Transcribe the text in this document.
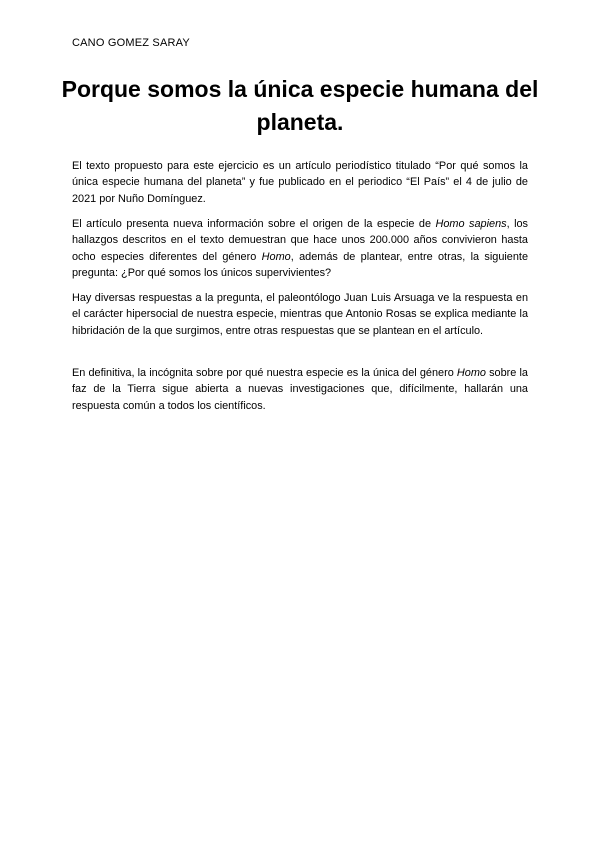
CANO GOMEZ SARAY

Porque somos la única especie humana del planeta.

El texto propuesto para este ejercicio es un artículo periodístico titulado “Por qué somos la única especie humana del planeta” y fue publicado en el periodico “El País” el 4 de julio de 2021 por Nuño Domínguez.

El artículo presenta nueva información sobre el origen de la especie de Homo sapiens, los hallazgos descritos en el texto demuestran que hace unos 200.000 años convivieron hasta ocho especies diferentes del género Homo, además de plantear, entre otras, la siguiente pregunta: ¿Por qué somos los únicos supervivientes?

Hay diversas respuestas a la pregunta, el paleontólogo Juan Luis Arsuaga ve la respuesta en el carácter hipersocial de nuestra especie, mientras que Antonio Rosas se explica mediante la hibridación de la que surgimos, entre otras respuestas que se plantean en el artículo.

En definitiva, la incógnita sobre por qué nuestra especie es la única del género Homo sobre la faz de la Tierra sigue abierta a nuevas investigaciones que, difícilmente, hallarán una respuesta común a todos los científicos.
